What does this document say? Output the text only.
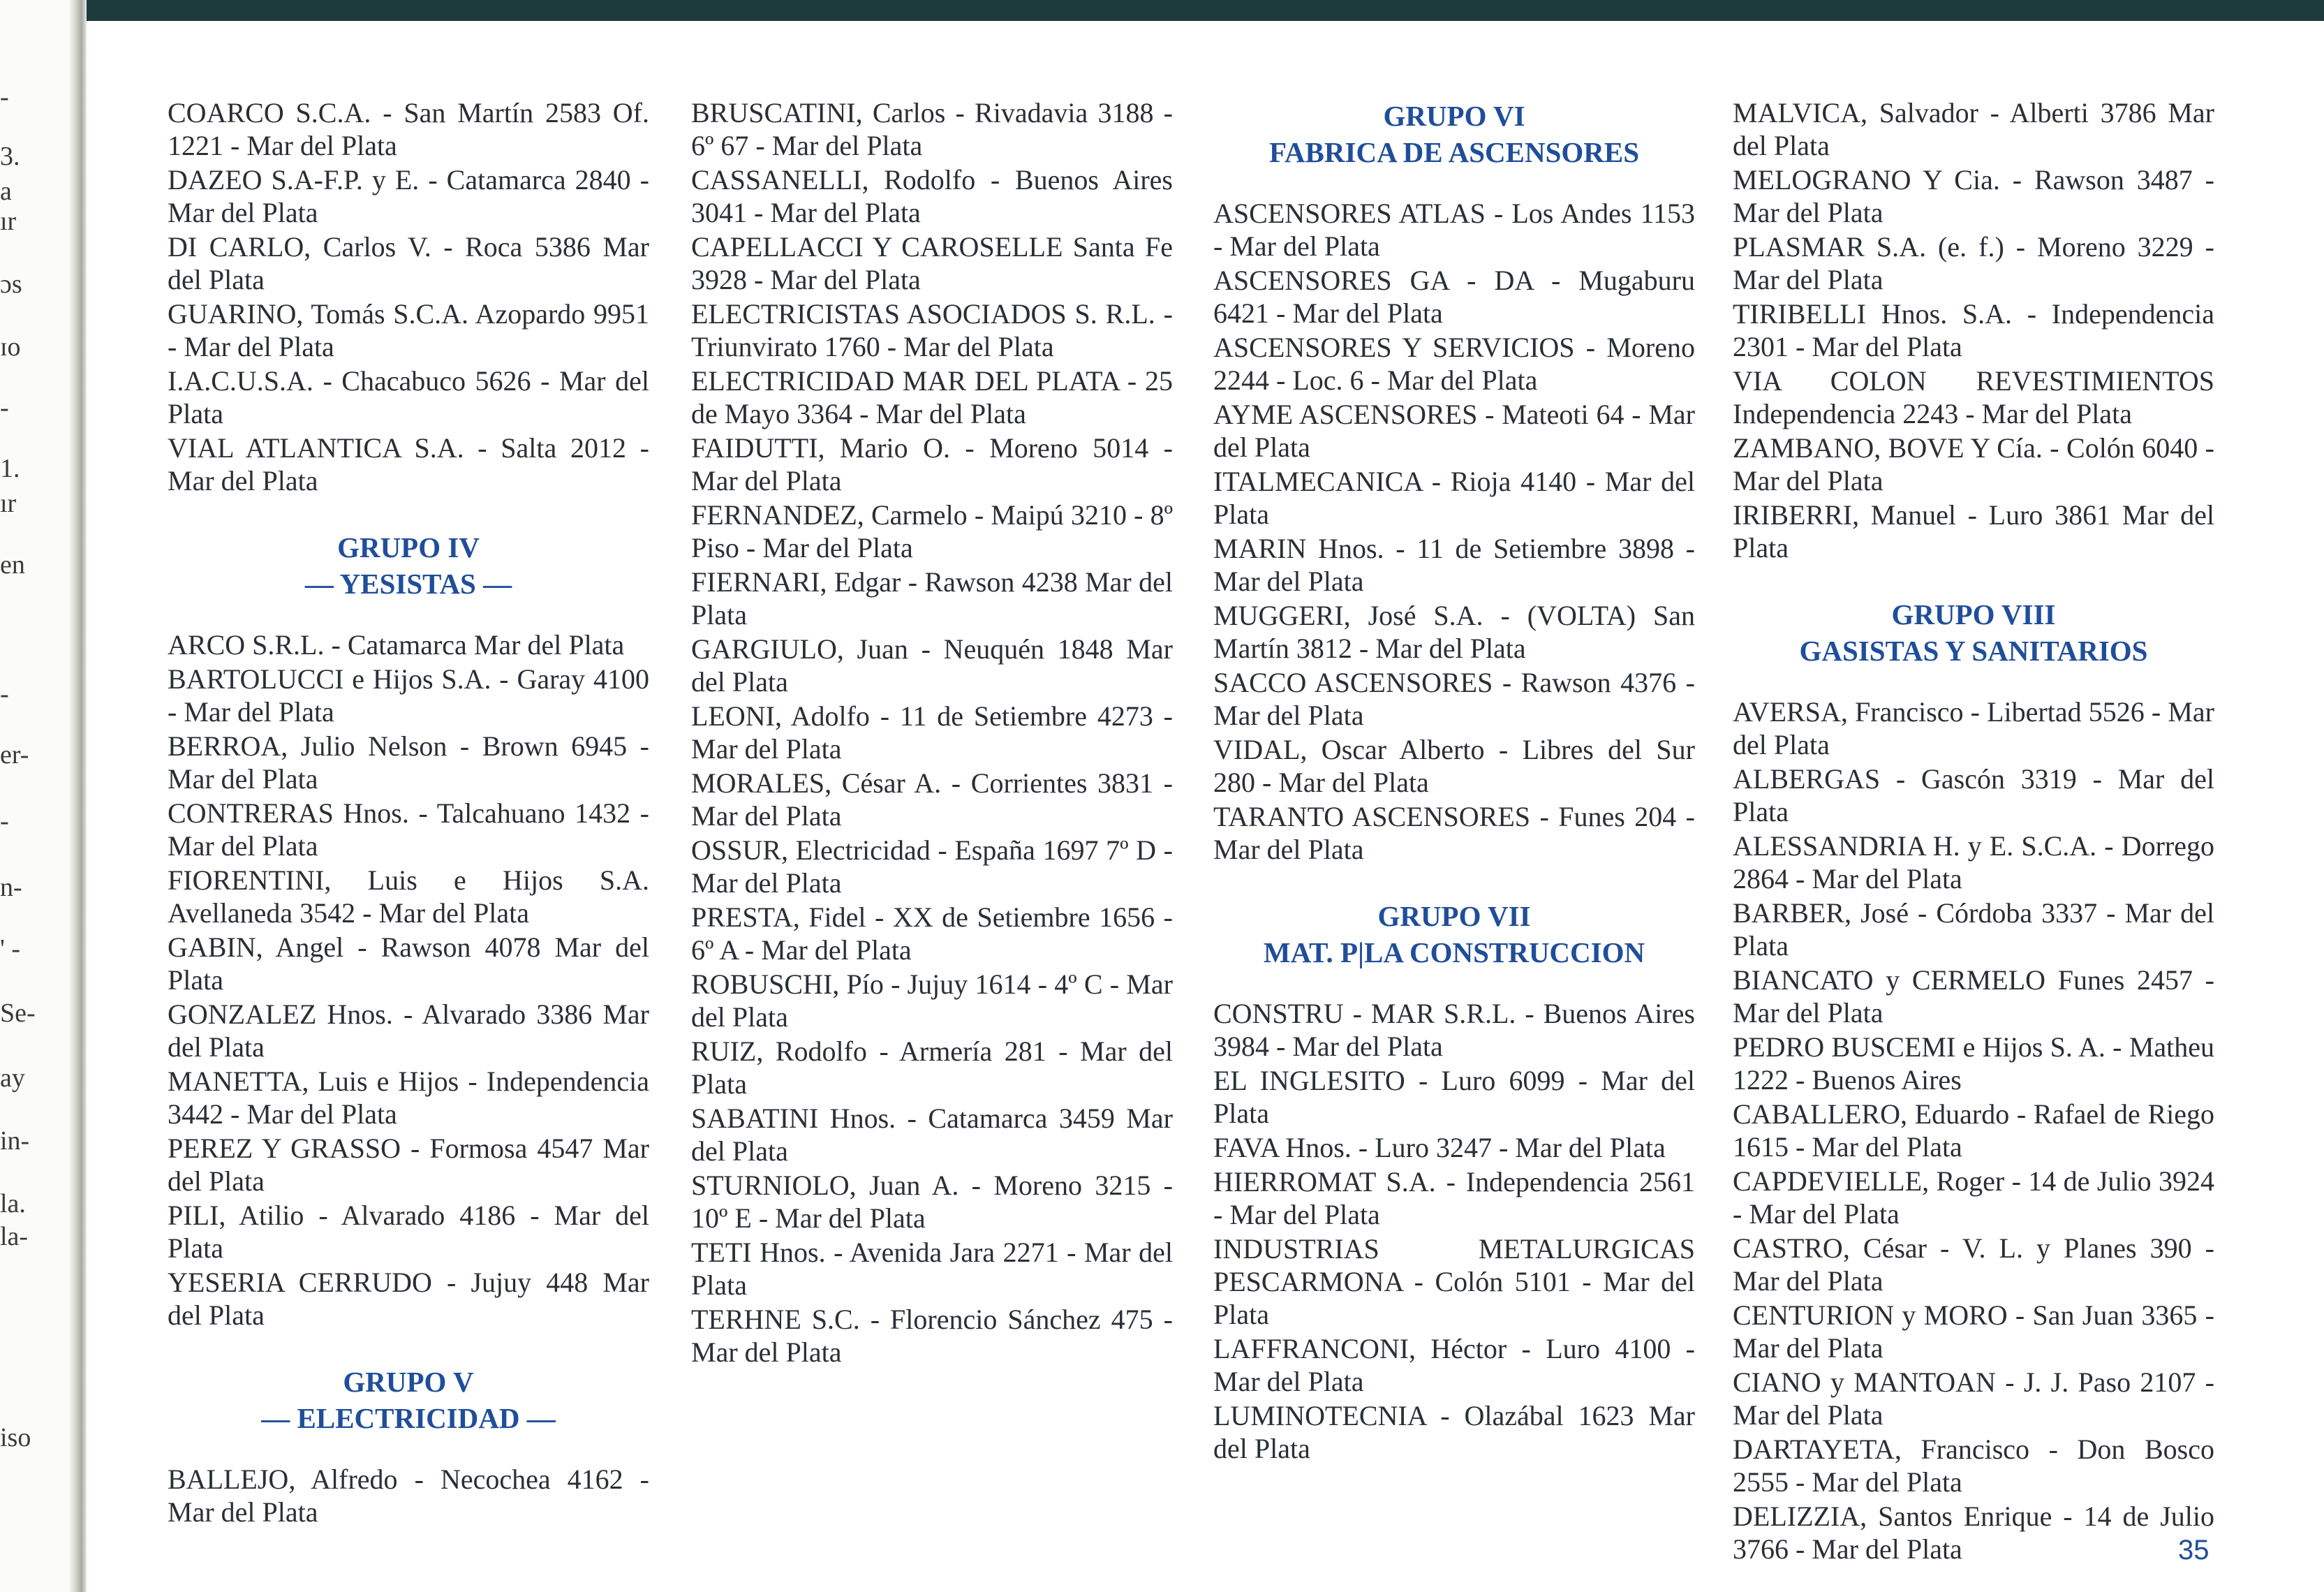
-
3.
a
ır
ɔs
ɪo
-
1.
ır
en
-
er-
-
n-
' -
Se-
ay
in-
la.
la-
iso
COARCO S.C.A. - San Martín 2583 Of. 1221 - Mar del Plata
DAZEO S.A-F.P. y E. - Catamarca 2840 - Mar del Plata
DI CARLO, Carlos V. - Roca 5386 Mar del Plata
GUARINO, Tomás S.C.A. Azopardo 9951 - Mar del Plata
I.A.C.U.S.A. - Chacabuco 5626 - Mar del Plata
VIAL ATLANTICA S.A. - Salta 2012 - Mar del Plata
GRUPO IV
— YESISTAS —
ARCO S.R.L. - Catamarca Mar del Plata
BARTOLUCCI e Hijos S.A. - Garay 4100 - Mar del Plata
BERROA, Julio Nelson - Brown 6945 - Mar del Plata
CONTRERAS Hnos. - Talcahuano 1432 - Mar del Plata
FIORENTINI, Luis e Hijos S.A. Avellaneda 3542 - Mar del Plata
GABIN, Angel - Rawson 4078 Mar del Plata
GONZALEZ Hnos. - Alvarado 3386 Mar del Plata
MANETTA, Luis e Hijos - Independencia 3442 - Mar del Plata
PEREZ Y GRASSO - Formosa 4547 Mar del Plata
PILI, Atilio - Alvarado 4186 - Mar del Plata
YESERIA CERRUDO - Jujuy 448 Mar del Plata
GRUPO V
— ELECTRICIDAD —
BALLEJO, Alfredo - Necochea 4162 - Mar del Plata
BRUSCATINI, Carlos - Rivadavia 3188 - 6º 67 - Mar del Plata
CASSANELLI, Rodolfo - Buenos Aires 3041 - Mar del Plata
CAPELLACCI Y CAROSELLE Santa Fe 3928 - Mar del Plata
ELECTRICISTAS ASOCIADOS S. R.L. - Triunvirato 1760 - Mar del Plata
ELECTRICIDAD MAR DEL PLATA - 25 de Mayo 3364 - Mar del Plata
FAIDUTTI, Mario O. - Moreno 5014 - Mar del Plata
FERNANDEZ, Carmelo - Maipú 3210 - 8º Piso - Mar del Plata
FIERNARI, Edgar - Rawson 4238 Mar del Plata
GARGIULO, Juan - Neuquén 1848 Mar del Plata
LEONI, Adolfo - 11 de Setiembre 4273 - Mar del Plata
MORALES, César A. - Corrientes 3831 - Mar del Plata
OSSUR, Electricidad - España 1697 7º D - Mar del Plata
PRESTA, Fidel - XX de Setiembre 1656 - 6º A - Mar del Plata
ROBUSCHI, Pío - Jujuy 1614 - 4º C - Mar del Plata
RUIZ, Rodolfo - Armería 281 - Mar del Plata
SABATINI Hnos. - Catamarca 3459 Mar del Plata
STURNIOLO, Juan A. - Moreno 3215 - 10º E - Mar del Plata
TETI Hnos. - Avenida Jara 2271 - Mar del Plata
TERHNE S.C. - Florencio Sánchez 475 - Mar del Plata
GRUPO VI
FABRICA DE ASCENSORES
ASCENSORES ATLAS - Los Andes 1153 - Mar del Plata
ASCENSORES GA - DA - Mugaburu 6421 - Mar del Plata
ASCENSORES Y SERVICIOS - Moreno 2244 - Loc. 6 - Mar del Plata
AYME ASCENSORES - Mateoti 64 - Mar del Plata
ITALMECANICA - Rioja 4140 - Mar del Plata
MARIN Hnos. - 11 de Setiembre 3898 - Mar del Plata
MUGGERI, José S.A. - (VOLTA) San Martín 3812 - Mar del Plata
SACCO ASCENSORES - Rawson 4376 - Mar del Plata
VIDAL, Oscar Alberto - Libres del Sur 280 - Mar del Plata
TARANTO ASCENSORES - Funes 204 - Mar del Plata
GRUPO VII
MAT. P|LA CONSTRUCCION
CONSTRU - MAR S.R.L. - Buenos Aires 3984 - Mar del Plata
EL INGLESITO - Luro 6099 - Mar del Plata
FAVA Hnos. - Luro 3247 - Mar del Plata
HIERROMAT S.A. - Independencia 2561 - Mar del Plata
INDUSTRIAS METALURGICAS PESCARMONA - Colón 5101 - Mar del Plata
LAFFRANCONI, Héctor - Luro 4100 - Mar del Plata
LUMINOTECNIA - Olazábal 1623 Mar del Plata
MALVICA, Salvador - Alberti 3786 Mar del Plata
MELOGRANO Y Cia. - Rawson 3487 - Mar del Plata
PLASMAR S.A. (e. f.) - Moreno 3229 - Mar del Plata
TIRIBELLI Hnos. S.A. - Independencia 2301 - Mar del Plata
VIA COLON REVESTIMIENTOS Independencia 2243 - Mar del Plata
ZAMBANO, BOVE Y Cía. - Colón 6040 - Mar del Plata
IRIBERRI, Manuel - Luro 3861 Mar del Plata
GRUPO VIII
GASISTAS Y SANITARIOS
AVERSA, Francisco - Libertad 5526 - Mar del Plata
ALBERGAS - Gascón 3319 - Mar del Plata
ALESSANDRIA H. y E. S.C.A. - Dorrego 2864 - Mar del Plata
BARBER, José - Córdoba 3337 - Mar del Plata
BIANCATO y CERMELO Funes 2457 - Mar del Plata
PEDRO BUSCEMI e Hijos S. A. - Matheu 1222 - Buenos Aires
CABALLERO, Eduardo - Rafael de Riego 1615 - Mar del Plata
CAPDEVIELLE, Roger - 14 de Julio 3924 - Mar del Plata
CASTRO, César - V. L. y Planes 390 - Mar del Plata
CENTURION y MORO - San Juan 3365 - Mar del Plata
CIANO y MANTOAN - J. J. Paso 2107 - Mar del Plata
DARTAYETA, Francisco - Don Bosco 2555 - Mar del Plata
DELIZZIA, Santos Enrique - 14 de Julio 3766 - Mar del Plata	35
